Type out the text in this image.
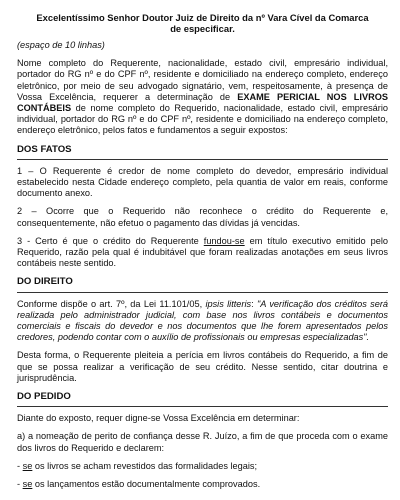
Excelentíssimo Senhor Doutor Juiz de Direito da nº Vara Cível da Comarca
de especificar.
(espaço de 10 linhas)

Nome completo do Requerente, nacionalidade, estado civil, empresário individual, portador do RG nº e do CPF nº, residente e domiciliado na endereço completo, endereço eletrônico, por meio de seu advogado signatário, vem, respeitosamente, à presença de Vossa Excelência, requerer a determinação de EXAME PERICIAL NOS LIVROS CONTÁBEIS de nome completo do Requerido, nacionalidade, estado civil, empresário individual, portador do RG nº e do CPF nº, residente e domiciliado na endereço completo, endereço eletrônico, pelos fatos e fundamentos a seguir expostos:

DOS FATOS

1 – O Requerente é credor de nome completo do devedor, empresário individual estabelecido nesta Cidade endereço completo, pela quantia de valor em reais, conforme documento anexo.

2 – Ocorre que o Requerido não reconhece o crédito do Requerente e, consequentemente, não efetuo o pagamento das dívidas já vencidas.

3 - Certo é que o crédito do Requerente fundou-se em título executivo emitido pelo Requerido, razão pela qual é indubitável que foram realizadas anotações em seus livros contábeis neste sentido.

DO DIREITO

Conforme dispõe o art. 7º, da Lei 11.101/05, ipsis litteris: "A verificação dos créditos será realizada pelo administrador judicial, com base nos livros contábeis e documentos comerciais e fiscais do devedor e nos documentos que lhe forem apresentados pelos credores, podendo contar com o auxílio de profissionais ou empresas especializadas".

Desta forma, o Requerente pleiteia a perícia em livros contábeis do Requerido, a fim de que se possa realizar a verificação de seu crédito. Nesse sentido, citar doutrina e jurisprudência.

DO PEDIDO

Diante do exposto, requer digne-se Vossa Excelência em determinar:

a) a nomeação de perito de confiança desse R. Juízo, a fim de que proceda com o exame dos livros do Requerido e declarem:

- se os livros se acham revestidos das formalidades legais;

- se os lançamentos estão documentalmente comprovados.
